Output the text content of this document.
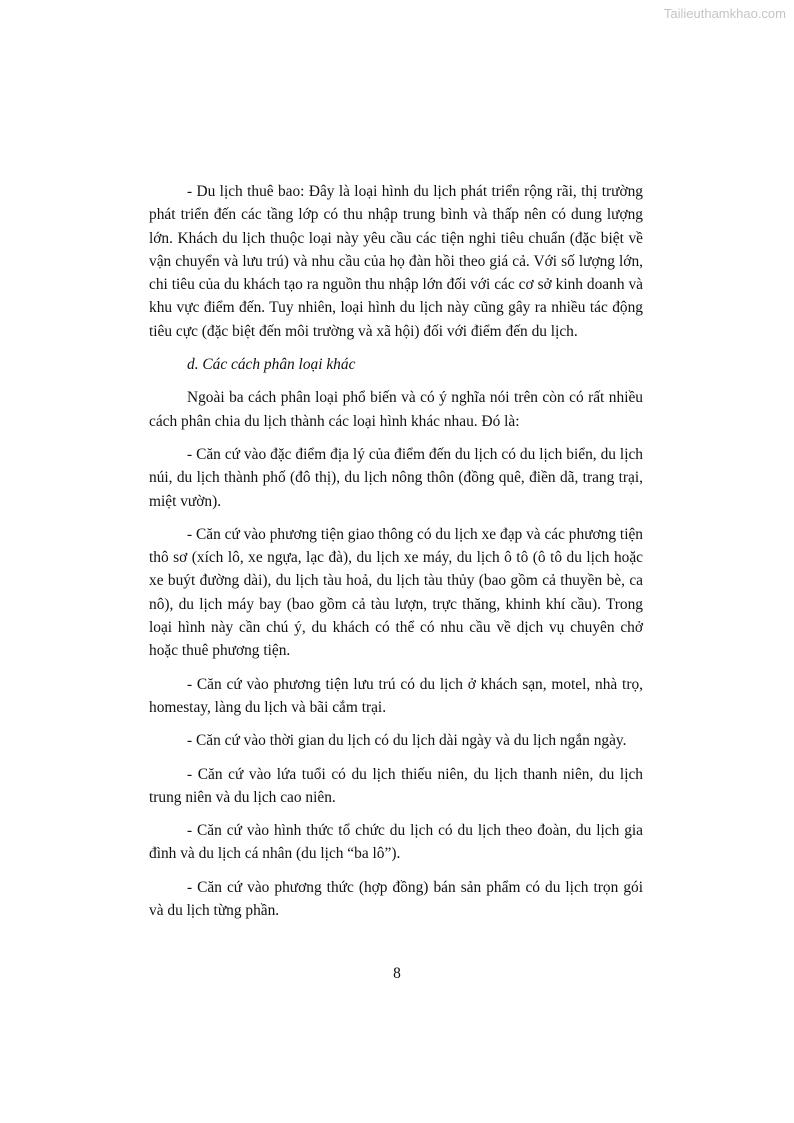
Tailieuthamkhao.com

- Du lịch thuê bao: Đây là loại hình du lịch phát triển rộng rãi, thị trường phát triển đến các tầng lớp có thu nhập trung bình và thấp nên có dung lượng lớn. Khách du lịch thuộc loại này yêu cầu các tiện nghi tiêu chuẩn (đặc biệt về vận chuyển và lưu trú) và nhu cầu của họ đàn hồi theo giá cả. Với số lượng lớn, chi tiêu của du khách tạo ra nguồn thu nhập lớn đối với các cơ sở kinh doanh và khu vực điểm đến. Tuy nhiên, loại hình du lịch này cũng gây ra nhiều tác động tiêu cực (đặc biệt đến môi trường và xã hội) đối với điểm đến du lịch.

d. Các cách phân loại khác

Ngoài ba cách phân loại phổ biến và có ý nghĩa nói trên còn có rất nhiều cách phân chia du lịch thành các loại hình khác nhau. Đó là:

- Căn cứ vào đặc điểm địa lý của điểm đến du lịch có du lịch biển, du lịch núi, du lịch thành phố (đô thị), du lịch nông thôn (đồng quê, điền dã, trang trại, miệt vườn).

- Căn cứ vào phương tiện giao thông có du lịch xe đạp và các phương tiện thô sơ (xích lô, xe ngựa, lạc đà), du lịch xe máy, du lịch ô tô (ô tô du lịch hoặc xe buýt đường dài), du lịch tàu hoả, du lịch tàu thủy (bao gồm cả thuyền bè, ca nô), du lịch máy bay (bao gồm cả tàu lượn, trực thăng, khinh khí cầu). Trong loại hình này cần chú ý, du khách có thể có nhu cầu về dịch vụ chuyên chở hoặc thuê phương tiện.

- Căn cứ vào phương tiện lưu trú có du lịch ở khách sạn, motel, nhà trọ, homestay, làng du lịch và bãi cắm trại.

- Căn cứ vào thời gian du lịch có du lịch dài ngày và du lịch ngắn ngày.

- Căn cứ vào lứa tuổi có du lịch thiếu niên, du lịch thanh niên, du lịch trung niên và du lịch cao niên.

- Căn cứ vào hình thức tổ chức du lịch có du lịch theo đoàn, du lịch gia đình và du lịch cá nhân (du lịch “ba lô”).

- Căn cứ vào phương thức (hợp đồng) bán sản phẩm có du lịch trọn gói và du lịch từng phần.

8
